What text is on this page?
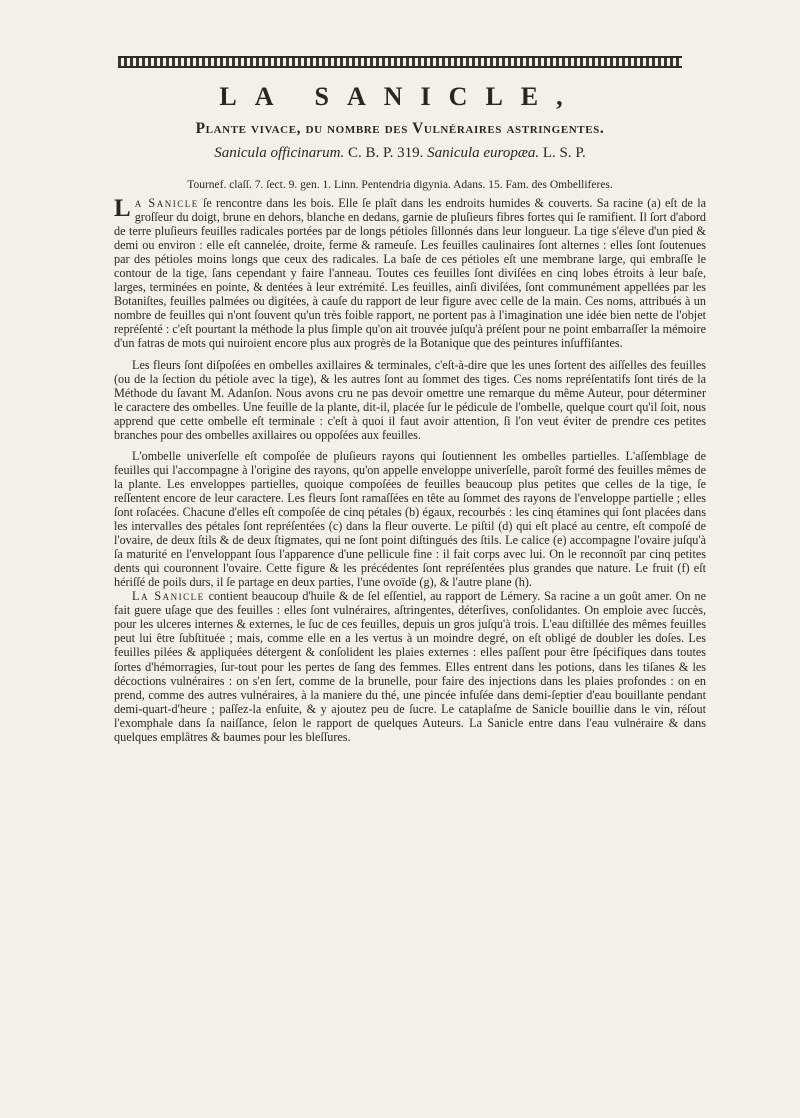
LA SANICLE,
Plante vivace, du nombre des Vulnéraires astringentes.
Sanicula officinarum. C. B. P. 319. Sanicula europæa. L. S. P.
Tournef. claſſ. 7. ſect. 9. gen. 1. Linn. Pentendria digynia. Adans. 15. Fam. des Ombelliferes.

La Sanicle ſe rencontre dans les bois. Elle ſe plaît dans les endroits humides & couverts. Sa racine (a) eſt de la groſſeur du doigt, brune en dehors, blanche en dedans, garnie de pluſieurs fibres fortes qui ſe ramifient. Il ſort d'abord de terre pluſieurs feuilles radicales portées par de longs pétioles ſillonnés dans leur longueur. La tige s'éleve d'un pied & demi ou environ : elle eſt cannelée, droite, ferme & rameuſe. Les feuilles caulinaires ſont alternes : elles ſont ſoutenues par des pétioles moins longs que ceux des radicales. La baſe de ces pétioles eſt une membrane large, qui embraſſe le contour de la tige, ſans cependant y faire l'anneau. Toutes ces feuilles ſont diviſées en cinq lobes étroits à leur baſe, larges, terminées en pointe, & dentées à leur extrémité. Les feuilles, ainſi diviſées, ſont communément appellées par les Botaniſtes, feuilles palmées ou digitées, à cauſe du rapport de leur figure avec celle de la main. Ces noms, attribués à un nombre de feuilles qui n'ont ſouvent qu'un très foible rapport, ne portent pas à l'imagination une idée bien nette de l'objet repréſenté : c'eſt pourtant la méthode la plus ſimple qu'on ait trouvée juſqu'à préſent pour ne point embarraſſer la mémoire d'un fatras de mots qui nuiroient encore plus aux progrès de la Botanique que des peintures inſuffiſantes.

Les fleurs ſont diſpoſées en ombelles axillaires & terminales, c'eſt-à-dire que les unes ſortent des aiſſelles des feuilles (ou de la ſection du pétiole avec la tige), & les autres ſont au ſommet des tiges. Ces noms repréſentatifs ſont tirés de la Méthode du ſavant M. Adanſon. Nous avons cru ne pas devoir omettre une remarque du même Auteur, pour déterminer le caractere des ombelles. Une feuille de la plante, dit-il, placée ſur le pédicule de l'ombelle, quelque court qu'il ſoit, nous apprend que cette ombelle eſt terminale : c'eſt à quoi il faut avoir attention, ſi l'on veut éviter de prendre ces petites branches pour des ombelles axillaires ou oppoſées aux feuilles.

L'ombelle univerſelle eſt compoſée de pluſieurs rayons qui ſoutiennent les ombelles partielles. L'aſſemblage de feuilles qui l'accompagne à l'origine des rayons, qu'on appelle enveloppe univerſelle, paroît formé des feuilles mêmes de la plante. Les enveloppes partielles, quoique compoſées de feuilles beaucoup plus petites que celles de la tige, ſe reſſentent encore de leur caractere. Les fleurs ſont ramaſſées en tête au ſommet des rayons de l'enveloppe partielle ; elles ſont roſacées. Chacune d'elles eſt compoſée de cinq pétales (b) égaux, recourbés : les cinq étamines qui ſont placées dans les intervalles des pétales ſont repréſentées (c) dans la fleur ouverte. Le piſtil (d) qui eſt placé au centre, eſt compoſé de l'ovaire, de deux ſtils & de deux ſtigmates, qui ne ſont point diſtingués des ſtils. Le calice (e) accompagne l'ovaire juſqu'à ſa maturité en l'enveloppant ſous l'apparence d'une pellicule fine : il fait corps avec lui. On le reconnoît par cinq petites dents qui couronnent l'ovaire. Cette figure & les précédentes ſont repréſentées plus grandes que nature. Le fruit (f) eſt hériſſé de poils durs, il ſe partage en deux parties, l'une ovoïde (g), & l'autre plane (h).

La Sanicle contient beaucoup d'huile & de ſel eſſentiel, au rapport de Lémery. Sa racine a un goût amer. On ne fait guere uſage que des feuilles : elles ſont vulnéraires, aſtringentes, déterſives, conſolidantes. On emploie avec ſuccès, pour les ulceres internes & externes, le ſuc de ces feuilles, depuis un gros juſqu'à trois. L'eau diſtillée des mêmes feuilles peut lui être ſubſtituée ; mais, comme elle en a les vertus à un moindre degré, on eſt obligé de doubler les doſes. Les feuilles pilées & appliquées détergent & conſolident les plaies externes : elles paſſent pour être ſpécifiques dans toutes ſortes d'hémorragies, ſur-tout pour les pertes de ſang des femmes. Elles entrent dans les potions, dans les tiſanes & les décoctions vulnéraires : on s'en ſert, comme de la brunelle, pour faire des injections dans les plaies profondes : on en prend, comme des autres vulnéraires, à la maniere du thé, une pincée infuſée dans demi-ſeptier d'eau bouillante pendant demi-quart-d'heure ; paſſez-la enſuite, & y ajoutez peu de ſucre. Le cataplaſme de Sanicle bouillie dans le vin, réſout l'exomphale dans ſa naiſſance, ſelon le rapport de quelques Auteurs. La Sanicle entre dans l'eau vulnéraire & dans quelques emplâtres & baumes pour les bleſſures.
